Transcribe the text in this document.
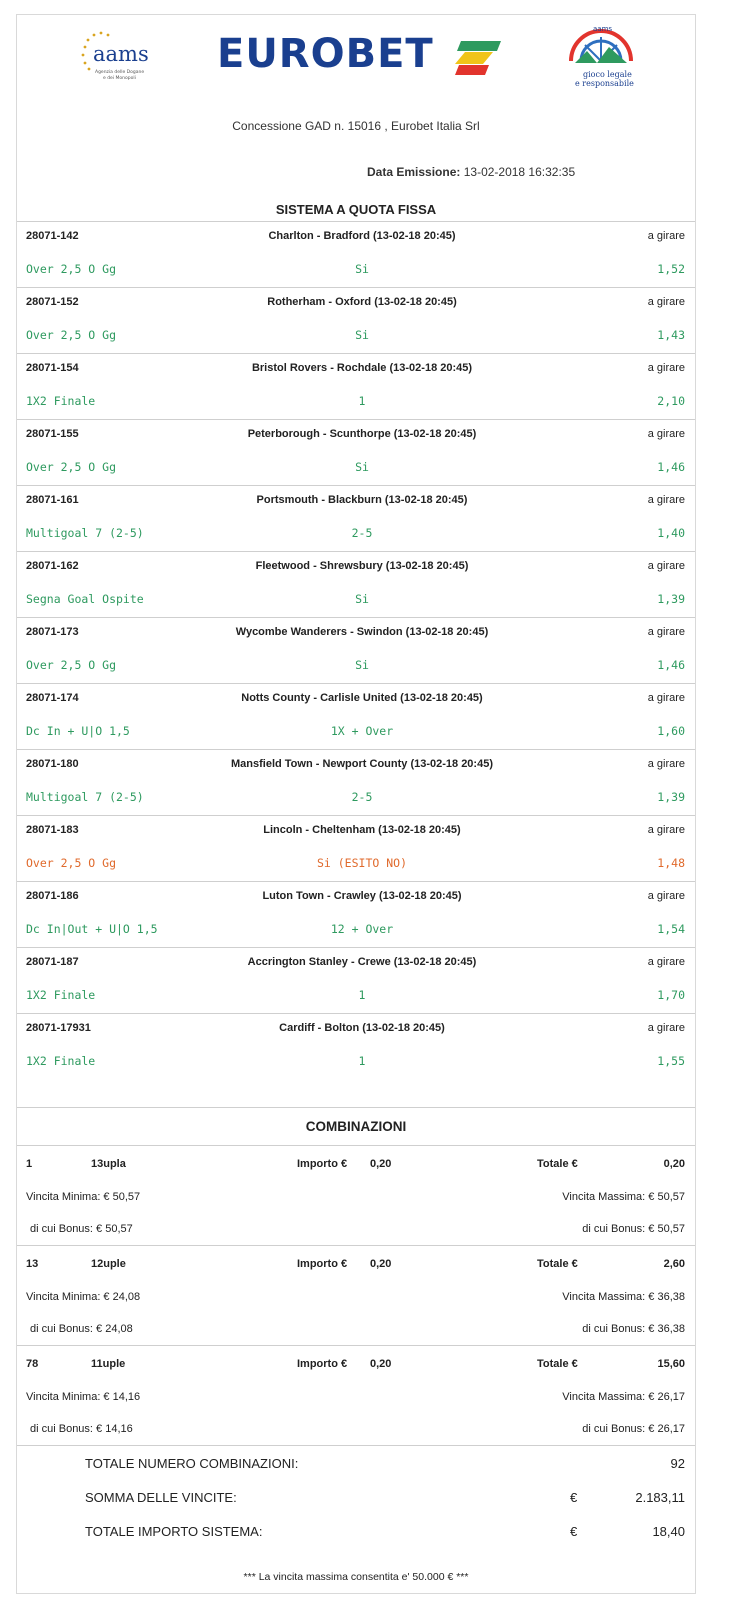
aams
Agenzia delle Dogane
e dei Monopoli
EUROBET
aams
gioco legale
e responsabile
Concessione GAD n. 15016 , Eurobet Italia Srl
Data Emissione: 13-02-2018 16:32:35
SISTEMA A QUOTA FISSA
28071-142	Charlton - Bradford (13-02-18 20:45)	a girare
Over 2,5 O Gg	Si	1,52
28071-152	Rotherham - Oxford (13-02-18 20:45)	a girare
Over 2,5 O Gg	Si	1,43
28071-154	Bristol Rovers - Rochdale (13-02-18 20:45)	a girare
1X2 Finale	1	2,10
28071-155	Peterborough - Scunthorpe (13-02-18 20:45)	a girare
Over 2,5 O Gg	Si	1,46
28071-161	Portsmouth - Blackburn (13-02-18 20:45)	a girare
Multigoal 7 (2-5)	2-5	1,40
28071-162	Fleetwood - Shrewsbury (13-02-18 20:45)	a girare
Segna Goal Ospite	Si	1,39
28071-173	Wycombe Wanderers - Swindon (13-02-18 20:45)	a girare
Over 2,5 O Gg	Si	1,46
28071-174	Notts County - Carlisle United (13-02-18 20:45)	a girare
Dc In + U|O 1,5	1X + Over	1,60
28071-180	Mansfield Town - Newport County (13-02-18 20:45)	a girare
Multigoal 7 (2-5)	2-5	1,39
28071-183	Lincoln - Cheltenham (13-02-18 20:45)	a girare
Over 2,5 O Gg	Si (ESITO NO)	1,48
28071-186	Luton Town - Crawley (13-02-18 20:45)	a girare
Dc In|Out + U|O 1,5	12 + Over	1,54
28071-187	Accrington Stanley - Crewe (13-02-18 20:45)	a girare
1X2 Finale	1	1,70
28071-17931	Cardiff - Bolton (13-02-18 20:45)	a girare
1X2 Finale	1	1,55
COMBINAZIONI
1	13upla	Importo € 0,20	Totale €	0,20
Vincita Minima: € 50,57	Vincita Massima: € 50,57
di cui Bonus: € 50,57	di cui Bonus: € 50,57
13	12uple	Importo € 0,20	Totale €	2,60
Vincita Minima: € 24,08	Vincita Massima: € 36,38
di cui Bonus: € 24,08	di cui Bonus: € 36,38
78	11uple	Importo € 0,20	Totale €	15,60
Vincita Minima: € 14,16	Vincita Massima: € 26,17
di cui Bonus: € 14,16	di cui Bonus: € 26,17
TOTALE NUMERO COMBINAZIONI:	92
SOMMA DELLE VINCITE:	€	2.183,11
TOTALE IMPORTO SISTEMA:	€	18,40
*** La vincita massima consentita e' 50.000 € ***
